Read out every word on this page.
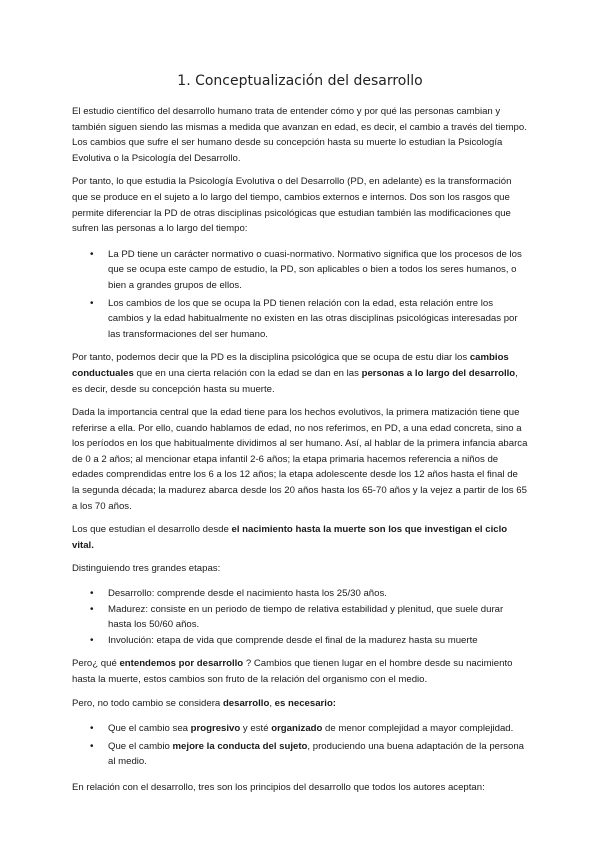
1. Conceptualización del desarrollo

El estudio científico del desarrollo humano trata de entender cómo y por qué las personas cambian y también siguen siendo las mismas a medida que avanzan en edad, es decir, el cambio a través del tiempo. Los cambios que sufre el ser humano desde su concepción hasta su muerte lo estudian la Psicología Evolutiva o la Psicología del Desarrollo.

Por tanto, lo que estudia la Psicología Evolutiva o del Desarrollo (PD, en adelante) es la transformación que se produce en el sujeto a lo largo del tiempo, cambios externos e internos. Dos son los rasgos que permite diferenciar la PD de otras disciplinas psicológicas que estudian también las modificaciones que sufren las personas a lo largo del tiempo:

• La PD tiene un carácter normativo o cuasi-normativo. Normativo significa que los procesos de los que se ocupa este campo de estudio, la PD, son aplicables o bien a todos los seres humanos, o bien a grandes grupos de ellos.
• Los cambios de los que se ocupa la PD tienen relación con la edad, esta relación entre los cambios y la edad habitualmente no existen en las otras disciplinas psicológicas interesadas por las transformaciones del ser humano.

Por tanto, podemos decir que la PD es la disciplina psicológica que se ocupa de estu diar los cambios conductuales que en una cierta relación con la edad se dan en las personas a lo largo del desarrollo, es decir, desde su concepción hasta su muerte.

Dada la importancia central que la edad tiene para los hechos evolutivos, la primera matización tiene que referirse a ella. Por ello, cuando hablamos de edad, no nos referimos, en PD, a una edad concreta, sino a los períodos en los que habitualmente dividimos al ser humano. Así, al hablar de la primera infancia abarca de 0 a 2 años; al mencionar etapa infantil 2-6 años; la etapa primaria hacemos referencia a niños de edades comprendidas entre los 6 a los 12 años; la etapa adolescente desde los 12 años hasta el final de la segunda década; la madurez abarca desde los 20 años hasta los 65-70 años y la vejez a partir de los 65 a los 70 años.

Los que estudian el desarrollo desde el nacimiento hasta la muerte son los que investigan el ciclo vital.

Distinguiendo tres grandes etapas:

• Desarrollo: comprende desde el nacimiento hasta los 25/30 años.
• Madurez: consiste en un periodo de tiempo de relativa estabilidad y plenitud, que suele durar hasta los 50/60 años.
• Involución: etapa de vida que comprende desde el final de la madurez hasta su muerte

Pero¿ qué entendemos por desarrollo ? Cambios que tienen lugar en el hombre desde su nacimiento hasta la muerte, estos cambios son fruto de la relación del organismo con el medio.

Pero, no todo cambio se considera desarrollo, es necesario:

• Que el cambio sea progresivo y esté organizado de menor complejidad a mayor complejidad.
• Que el cambio mejore la conducta del sujeto, produciendo una buena adaptación de la persona al medio.

En relación con el desarrollo, tres son los principios del desarrollo que todos los autores aceptan:
